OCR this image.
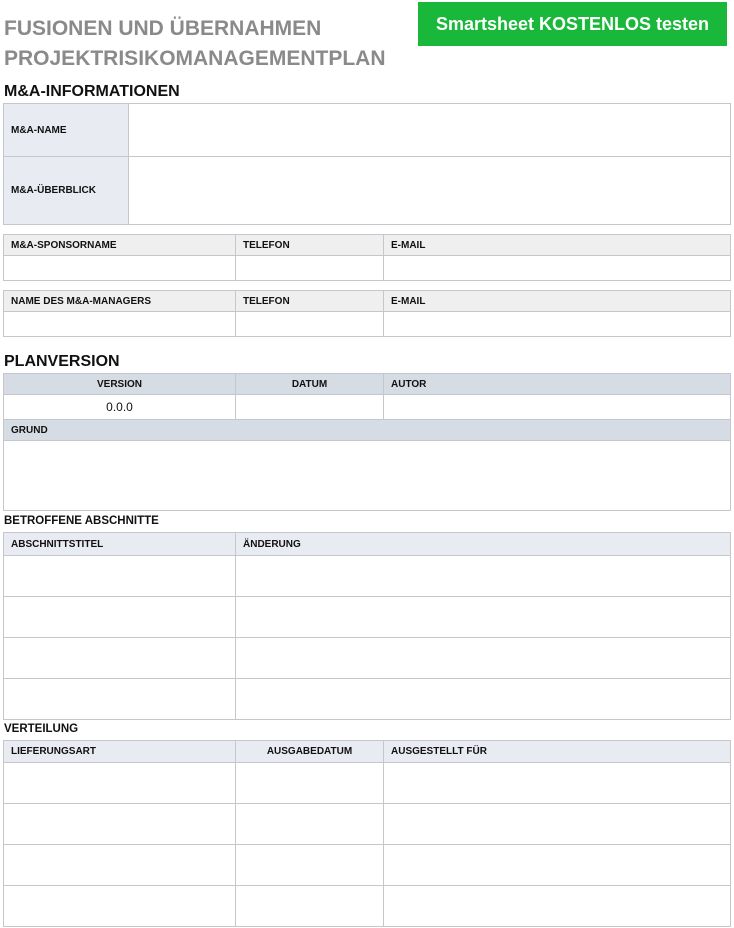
FUSIONEN UND ÜBERNAHMEN
PROJEKTRISIKOMANAGEMENTPLAN
Smartsheet KOSTENLOS testen
M&A-INFORMATIONEN
M&A-NAME	
M&A-ÜBERBLICK	
M&A-SPONSORNAME	TELEFON	E-MAIL

NAME DES M&A-MANAGERS	TELEFON	E-MAIL

PLANVERSION
VERSION	DATUM	AUTOR
0.0.0		
GRUND		

BETROFFENE ABSCHNITTE
ABSCHNITTSTITEL	ÄNDERUNG

VERTEILUNG
LIEFERUNGSART	AUSGABEDATUM	AUSGESTELLT FÜR
